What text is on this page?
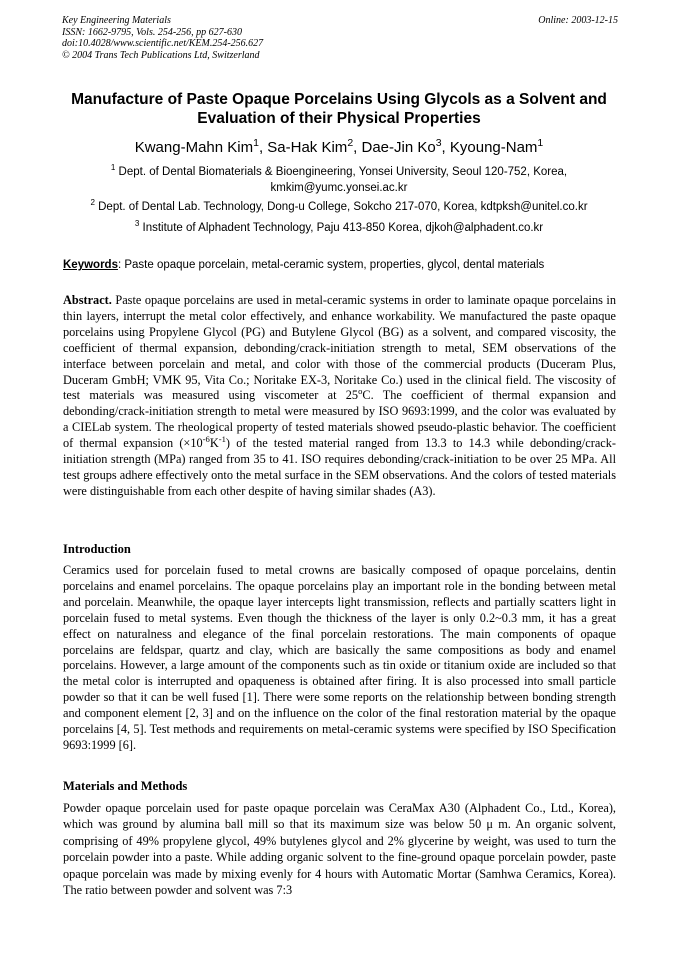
Key Engineering Materials
ISSN: 1662-9795, Vols. 254-256, pp 627-630
doi:10.4028/www.scientific.net/KEM.254-256.627
© 2004 Trans Tech Publications Ltd, Switzerland
Online: 2003-12-15
Manufacture of Paste Opaque Porcelains Using Glycols as a Solvent and
Evaluation of their Physical Properties
Kwang-Mahn Kim$^1$, Sa-Hak Kim$^2$, Dae-Jin Ko$^3$, Kyoung-Nam$^1$
$^1$ Dept. of Dental Biomaterials & Bioengineering, Yonsei University, Seoul 120-752, Korea,
kmkim@yumc.yonsei.ac.kr
$^2$ Dept. of Dental Lab. Technology, Dong-u College, Sokcho 217-070, Korea, kdtpksh@unitel.co.kr
$^3$ Institute of Alphadent Technology, Paju 413-850 Korea, djkoh@alphadent.co.kr
Keywords: Paste opaque porcelain, metal-ceramic system, properties, glycol, dental materials
Abstract. Paste opaque porcelains are used in metal-ceramic systems in order to laminate opaque porcelains in thin layers, interrupt the metal color effectively, and enhance workability. We manufactured the paste opaque porcelains using Propylene Glycol (PG) and Butylene Glycol (BG) as a solvent, and compared viscosity, the coefficient of thermal expansion, debonding/crack-initiation strength to metal, SEM observations of the interface between porcelain and metal, and color with those of the commercial products (Duceram Plus, Duceram GmbH; VMK 95, Vita Co.; Noritake EX-3, Noritake Co.) used in the clinical field. The viscosity of test materials was measured using viscometer at 25$^o$C. The coefficient of thermal expansion and debonding/crack-initiation strength to metal were measured by ISO 9693:1999, and the color was evaluated by a CIELab system. The rheological property of tested materials showed pseudo-plastic behavior. The coefficient of thermal expansion $(\times 10^{-6}K^{-1})$ of the tested material ranged from 13.3 to 14.3 while debonding/crack-initiation strength (MPa) ranged from 35 to 41. ISO requires debonding/crack-initiation to be over 25 MPa. All test groups adhere effectively onto the metal surface in the SEM observations. And the colors of tested materials were distinguishable from each other despite of having similar shades (A3).
Introduction
Ceramics used for porcelain fused to metal crowns are basically composed of opaque porcelains, dentin porcelains and enamel porcelains. The opaque porcelains play an important role in the bonding between metal and porcelain. Meanwhile, the opaque layer intercepts light transmission, reflects and partially scatters light in porcelain fused to metal systems. Even though the thickness of the layer is only 0.2~0.3 mm, it has a great effect on naturalness and elegance of the final porcelain restorations. The main components of opaque porcelains are feldspar, quartz and clay, which are basically the same compositions as body and enamel porcelains. However, a large amount of the components such as tin oxide or titanium oxide are included so that the metal color is interrupted and opaqueness is obtained after firing. It is also processed into small particle powder so that it can be well fused [1]. There were some reports on the relationship between bonding strength and component element [2, 3] and on the influence on the color of the final restoration material by the opaque porcelains [4, 5]. Test methods and requirements on metal-ceramic systems were specified by ISO Specification 9693:1999 [6].
Materials and Methods
Powder opaque porcelain used for paste opaque porcelain was CeraMax A30 (Alphadent Co., Ltd., Korea), which was ground by alumina ball mill so that its maximum size was below 50 μ m. An organic solvent, comprising of 49% propylene glycol, 49% butylenes glycol and 2% glycerine by weight, was used to turn the porcelain powder into a paste. While adding organic solvent to the fine-ground opaque porcelain powder, paste opaque porcelain was made by mixing evenly for 4 hours with Automatic Mortar (Samhwa Ceramics, Korea). The ratio between powder and solvent was 7:3
